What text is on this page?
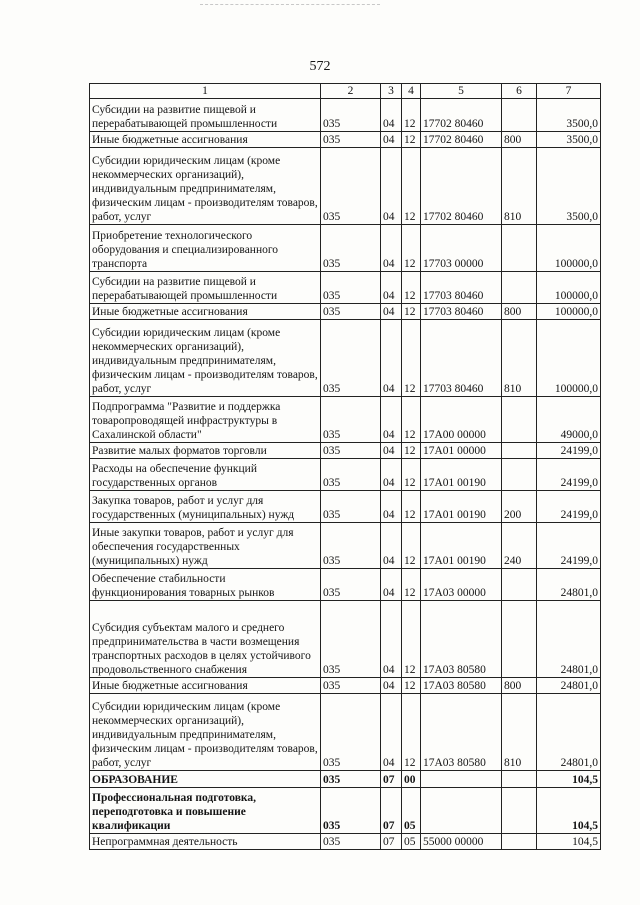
572
1	2	3	4	5	6	7
Субсидии на развитие пищевой и перерабатывающей промышленности	035	04	12	17702 80460		3500,0
Иные бюджетные ассигнования	035	04	12	17702 80460	800	3500,0
Субсидии юридическим лицам (кроме некоммерческих организаций), индивидуальным предпринимателям, физическим лицам - производителям товаров, работ, услуг	035	04	12	17702 80460	810	3500,0
Приобретение технологического оборудования и специализированного транспорта	035	04	12	17703 00000		100000,0
Субсидии на развитие пищевой и перерабатывающей промышленности	035	04	12	17703 80460		100000,0
Иные бюджетные ассигнования	035	04	12	17703 80460	800	100000,0
Субсидии юридическим лицам (кроме некоммерческих организаций), индивидуальным предпринимателям, физическим лицам - производителям товаров, работ, услуг	035	04	12	17703 80460	810	100000,0
Подпрограмма "Развитие и поддержка товаропроводящей инфраструктуры в Сахалинской области"	035	04	12	17А00 00000		49000,0
Развитие малых форматов торговли	035	04	12	17А01 00000		24199,0
Расходы на обеспечение функций государственных органов	035	04	12	17А01 00190		24199,0
Закупка товаров, работ и услуг для государственных (муниципальных) нужд	035	04	12	17А01 00190	200	24199,0
Иные закупки товаров, работ и услуг для обеспечения государственных (муниципальных) нужд	035	04	12	17А01 00190	240	24199,0
Обеспечение стабильности функционирования товарных рынков	035	04	12	17А03 00000		24801,0
Субсидия субъектам малого и среднего предпринимательства в части возмещения транспортных расходов в целях устойчивого продовольственного снабжения	035	04	12	17А03 80580		24801,0
Иные бюджетные ассигнования	035	04	12	17А03 80580	800	24801,0
Субсидии юридическим лицам (кроме некоммерческих организаций), индивидуальным предпринимателям, физическим лицам - производителям товаров, работ, услуг	035	04	12	17А03 80580	810	24801,0
ОБРАЗОВАНИЕ	035	07	00			104,5
Профессиональная подготовка, переподготовка и повышение квалификации	035	07	05			104,5
Непрограммная деятельность	035	07	05	55000 00000		104,5
